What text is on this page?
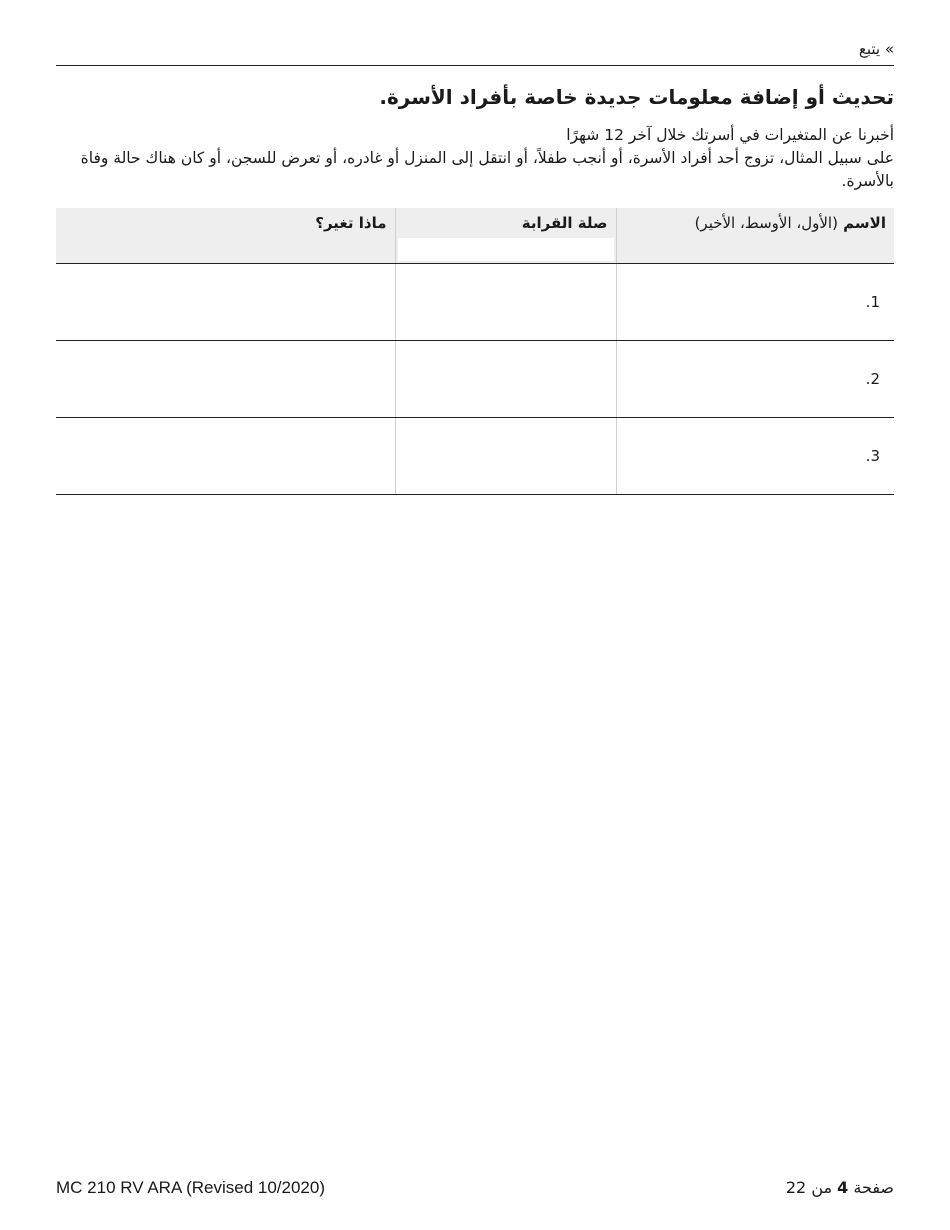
» يتبع
تحديث أو إضافة معلومات جديدة خاصة بأفراد الأسرة.

أخبرنا عن المتغيرات في أسرتك خلال آخر 12 شهرًا

على سبيل المثال، تزوج أحد أفراد الأسرة، أو أنجب طفلاً، أو انتقل إلى المنزل أو غادره، أو تعرض للسجن، أو كان هناك حالة وفاة بالأسرة.

الاسم (الأول، الأوسط، الأخير)	صلة القرابة	ماذا تغير؟
1.		
2.		
3.		
MC 210 RV ARA (Revised 10/2020)	صفحة 4 من 22
